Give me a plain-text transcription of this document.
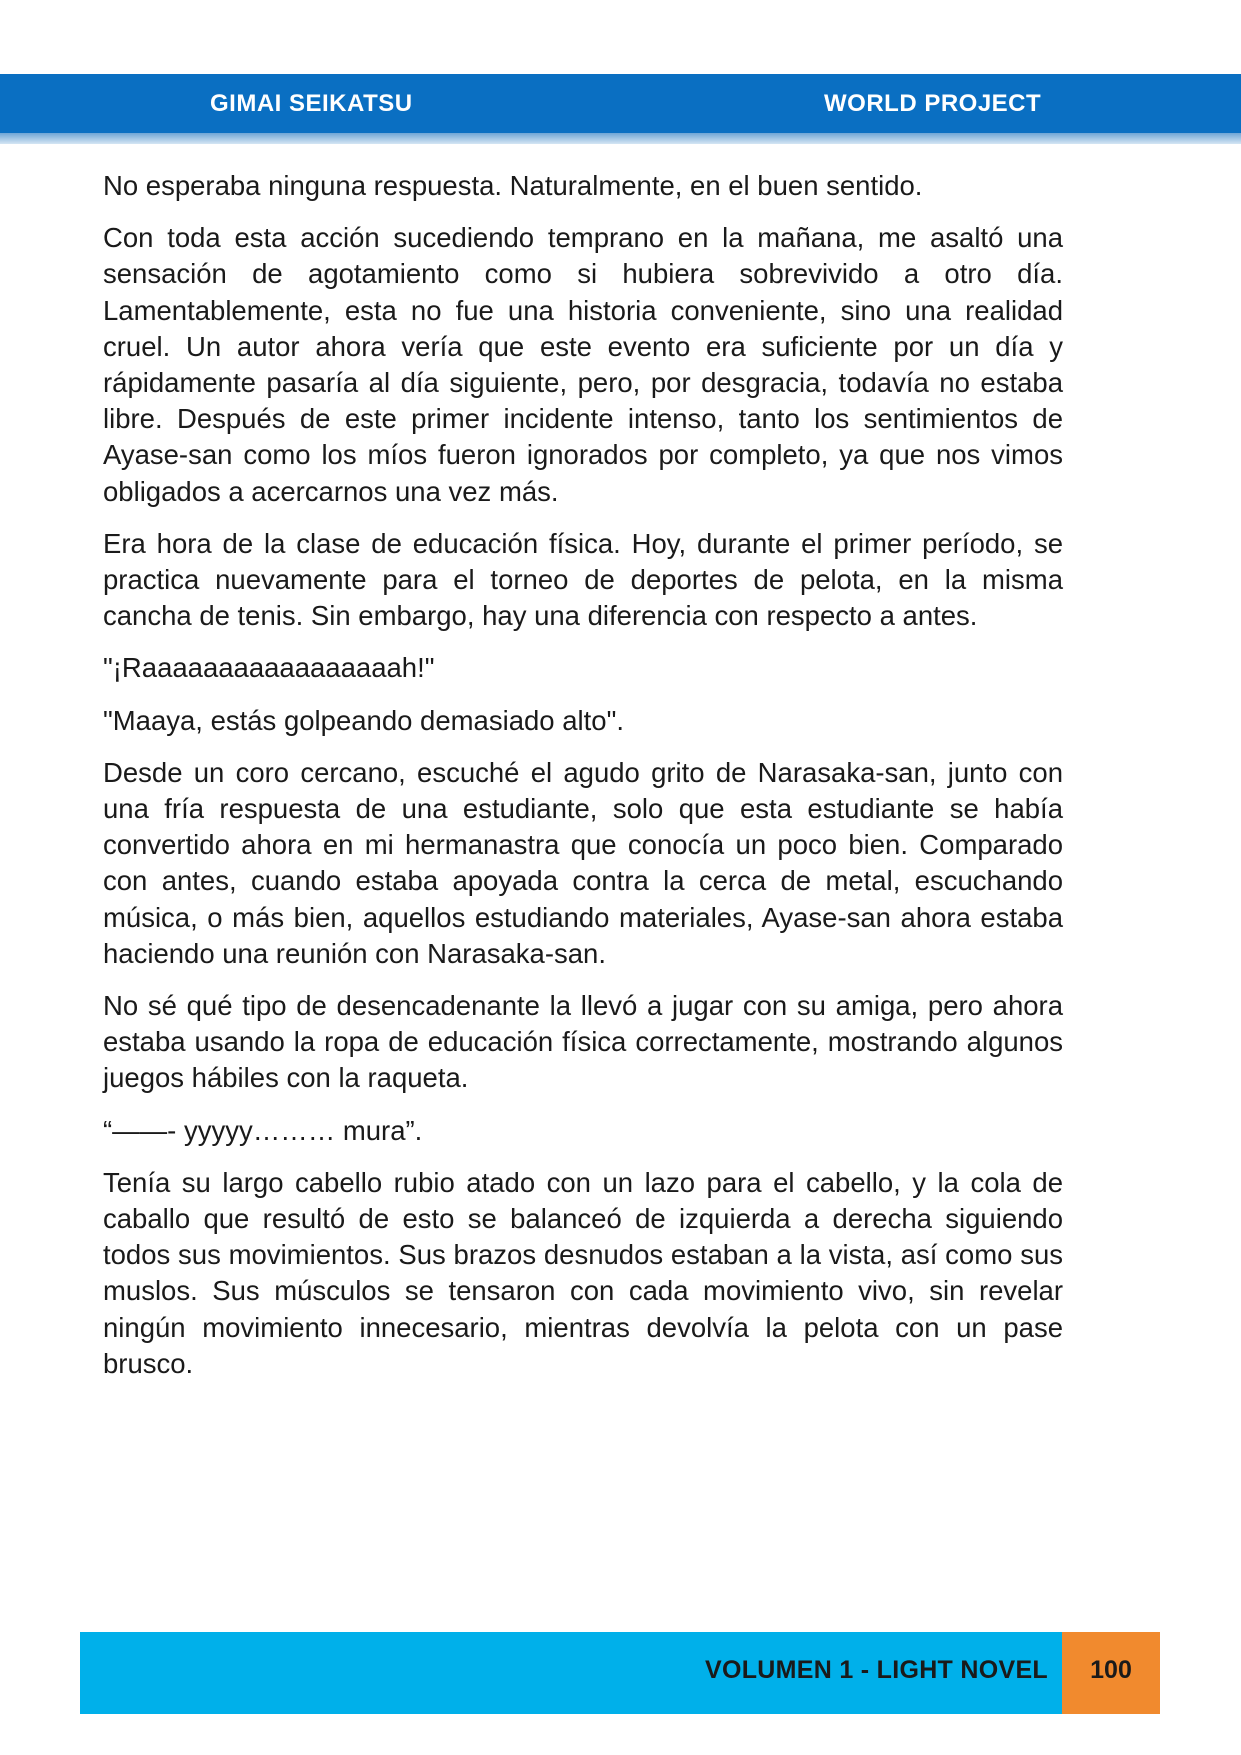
GIMAI SEIKATSU	WORLD PROJECT

No esperaba ninguna respuesta. Naturalmente, en el buen sentido.

Con toda esta acción sucediendo temprano en la mañana, me asaltó una sensación de agotamiento como si hubiera sobrevivido a otro día. Lamentablemente, esta no fue una historia conveniente, sino una realidad cruel. Un autor ahora vería que este evento era suficiente por un día y rápidamente pasaría al día siguiente, pero, por desgracia, todavía no estaba libre. Después de este primer incidente intenso, tanto los sentimientos de Ayase-san como los míos fueron ignorados por completo, ya que nos vimos obligados a acercarnos una vez más.

Era hora de la clase de educación física. Hoy, durante el primer período, se practica nuevamente para el torneo de deportes de pelota, en la misma cancha de tenis. Sin embargo, hay una diferencia con respecto a antes.

"¡Raaaaaaaaaaaaaaaaah!"

"Maaya, estás golpeando demasiado alto".

Desde un coro cercano, escuché el agudo grito de Narasaka-san, junto con una fría respuesta de una estudiante, solo que esta estudiante se había convertido ahora en mi hermanastra que conocía un poco bien. Comparado con antes, cuando estaba apoyada contra la cerca de metal, escuchando música, o más bien, aquellos estudiando materiales, Ayase-san ahora estaba haciendo una reunión con Narasaka-san.

No sé qué tipo de desencadenante la llevó a jugar con su amiga, pero ahora estaba usando la ropa de educación física correctamente, mostrando algunos juegos hábiles con la raqueta.

“——- yyyyy……… mura”.

Tenía su largo cabello rubio atado con un lazo para el cabello, y la cola de caballo que resultó de esto se balanceó de izquierda a derecha siguiendo todos sus movimientos. Sus brazos desnudos estaban a la vista, así como sus muslos. Sus músculos se tensaron con cada movimiento vivo, sin revelar ningún movimiento innecesario, mientras devolvía la pelota con un pase brusco.

VOLUMEN 1 - LIGHT NOVEL	100
